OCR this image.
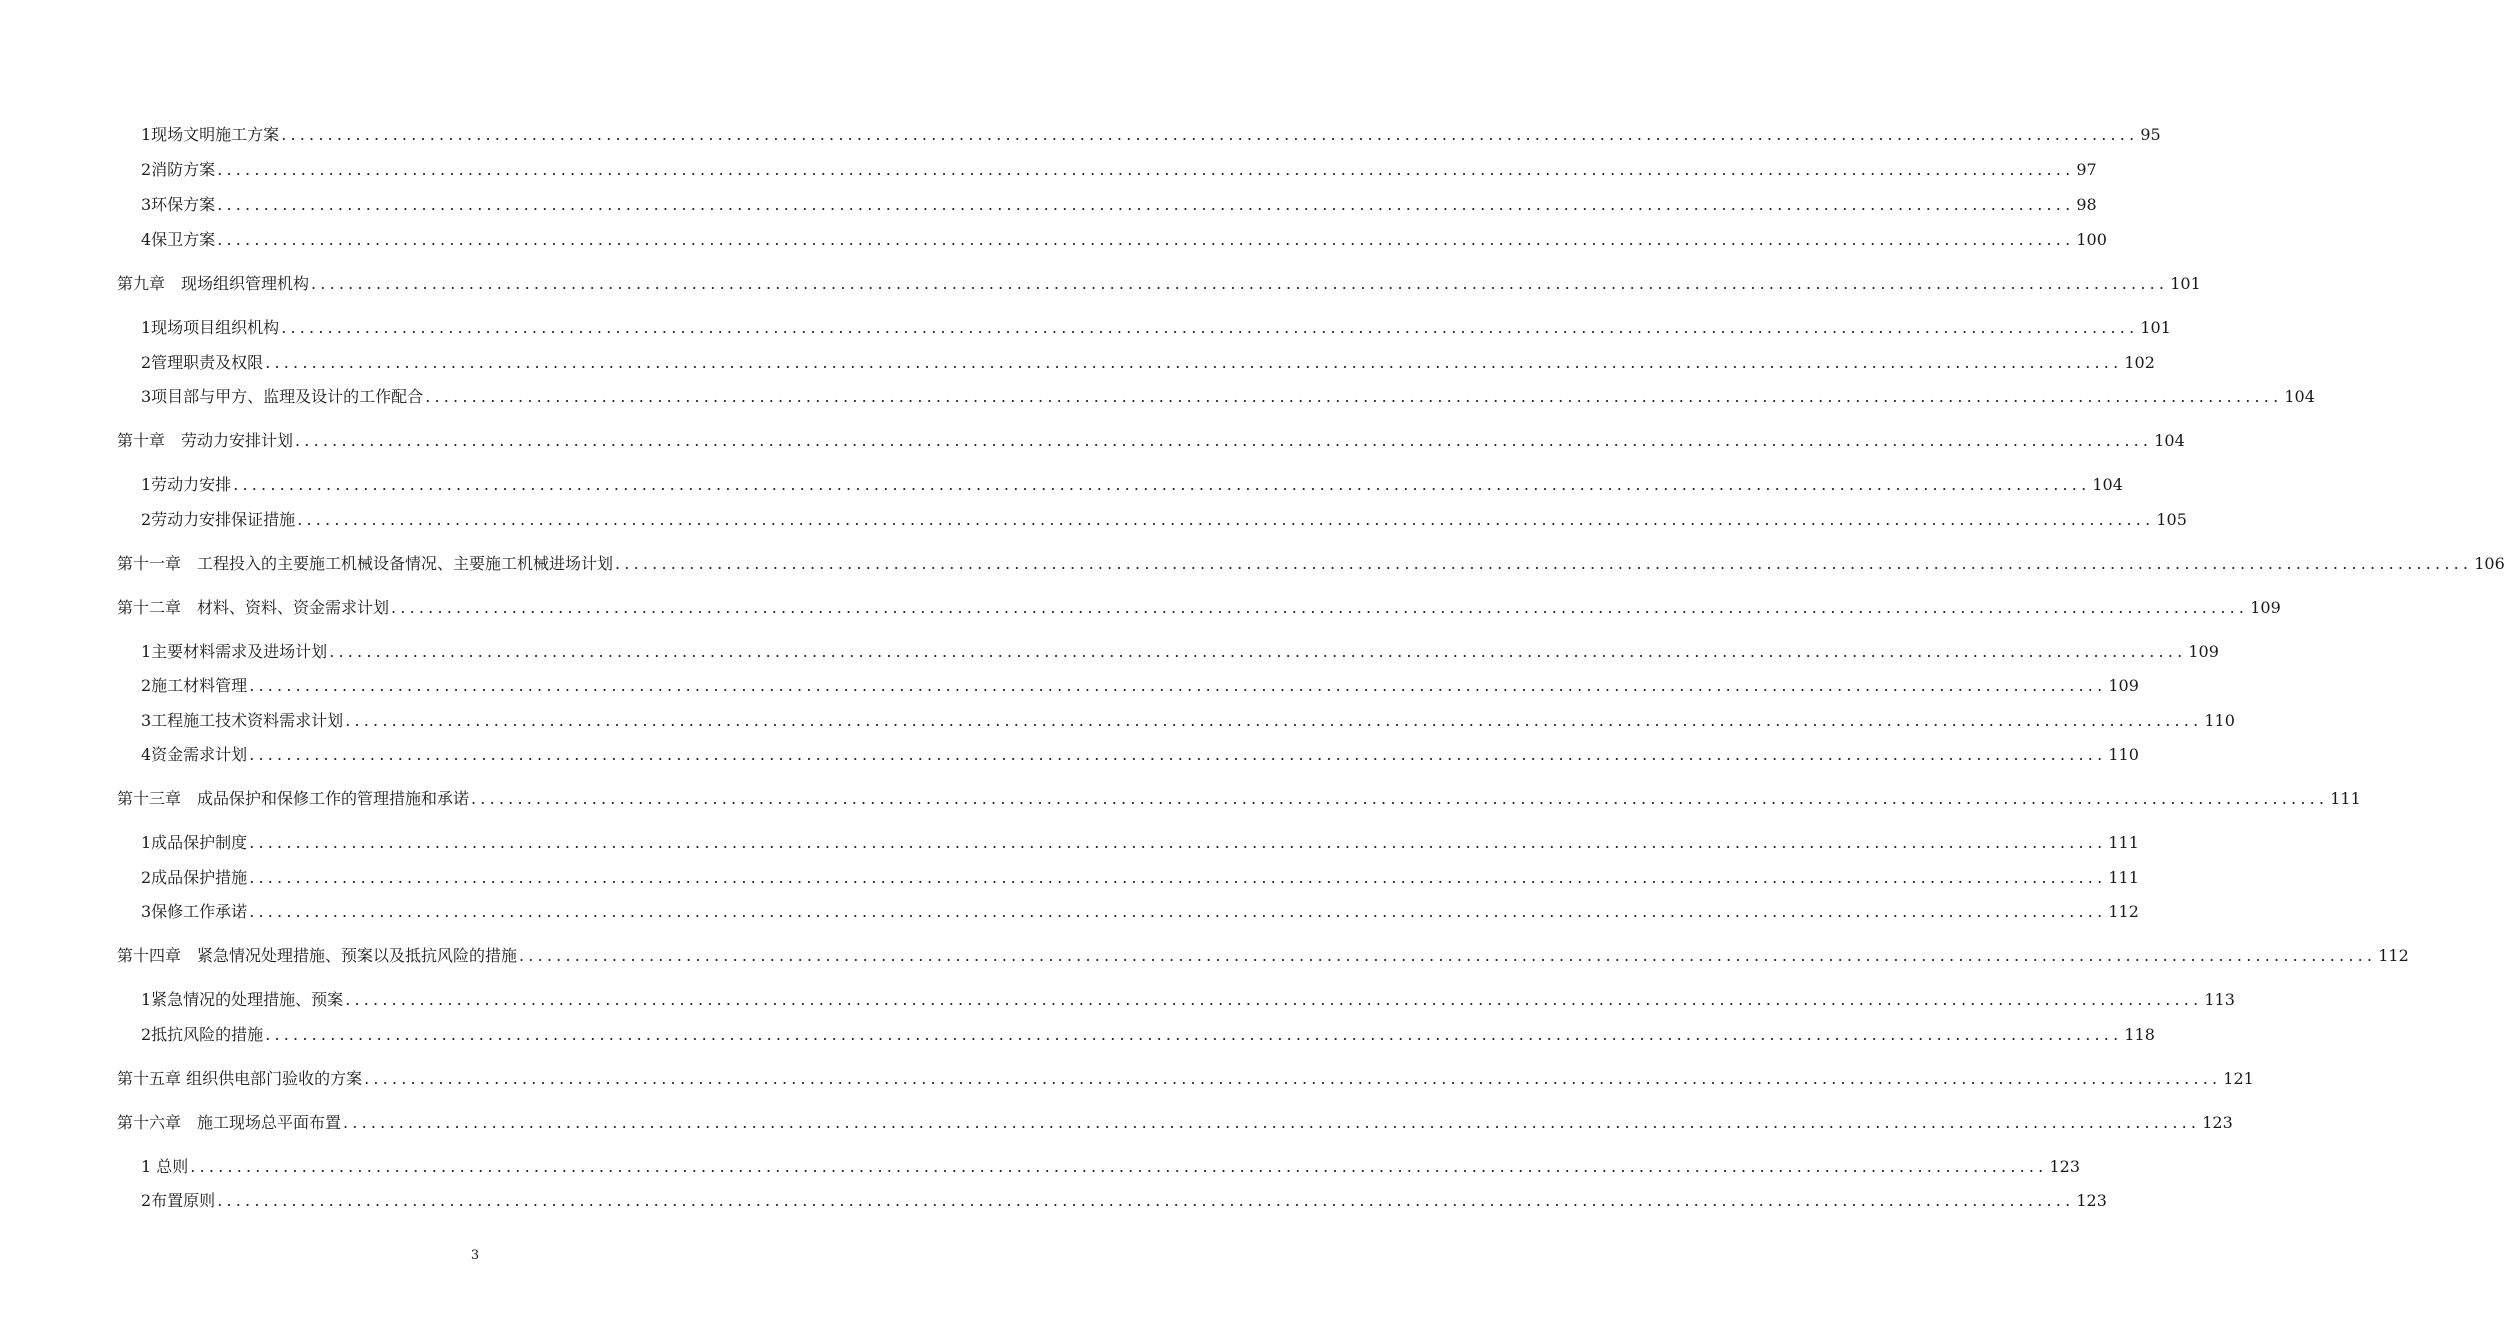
1现场文明施工方案 ........................................................................................................................................................................................................ 95
2消防方案 ........................................................................................................................................................................................................ 97
3环保方案 ........................................................................................................................................................................................................ 98
4保卫方案 ........................................................................................................................................................................................................ 100
第九章　现场组织管理机构 ........................................................................................................................................................................................................ 101
1现场项目组织机构 ........................................................................................................................................................................................................ 101
2管理职责及权限 ........................................................................................................................................................................................................ 102
3项目部与甲方、监理及设计的工作配合 ........................................................................................................................................................................................................ 104
第十章　劳动力安排计划 ........................................................................................................................................................................................................ 104
1劳动力安排 ........................................................................................................................................................................................................ 104
2劳动力安排保证措施 ........................................................................................................................................................................................................ 105
第十一章　工程投入的主要施工机械设备情况、主要施工机械进场计划 ........................................................................................................................................................................................................ 106
第十二章　材料、资料、资金需求计划 ........................................................................................................................................................................................................ 109
1主要材料需求及进场计划 ........................................................................................................................................................................................................ 109
2施工材料管理 ........................................................................................................................................................................................................ 109
3工程施工技术资料需求计划 ........................................................................................................................................................................................................ 110
4资金需求计划 ........................................................................................................................................................................................................ 110
第十三章　成品保护和保修工作的管理措施和承诺 ........................................................................................................................................................................................................ 111
1成品保护制度 ........................................................................................................................................................................................................ 111
2成品保护措施 ........................................................................................................................................................................................................ 111
3保修工作承诺 ........................................................................................................................................................................................................ 112
第十四章　紧急情况处理措施、预案以及抵抗风险的措施 ........................................................................................................................................................................................................ 112
1紧急情况的处理措施、预案 ........................................................................................................................................................................................................ 113
2抵抗风险的措施 ........................................................................................................................................................................................................ 118
第十五章 组织供电部门验收的方案 ........................................................................................................................................................................................................ 121
第十六章　施工现场总平面布置 ........................................................................................................................................................................................................ 123
1 总则 ........................................................................................................................................................................................................ 123
2布置原则 ........................................................................................................................................................................................................ 123
3
